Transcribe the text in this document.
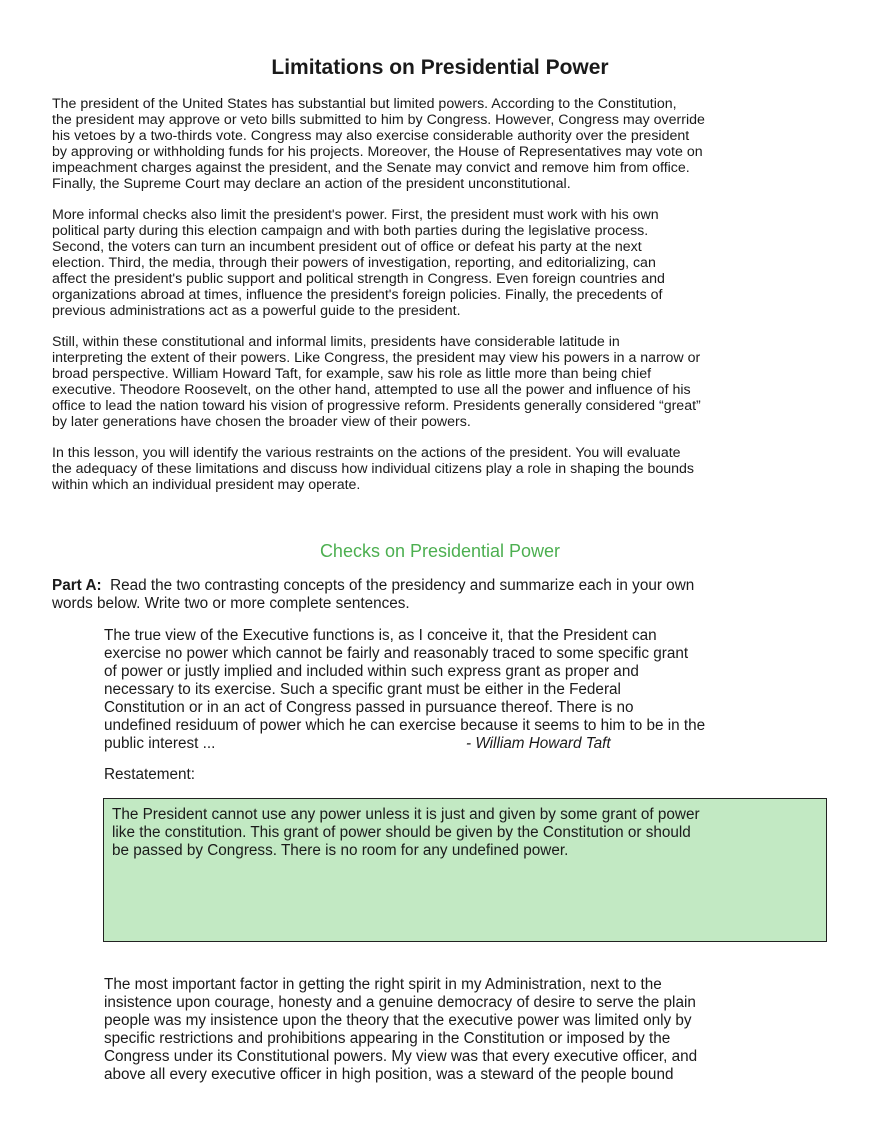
Limitations on Presidential Power
The president of the United States has substantial but limited powers. According to the Constitution,
the president may approve or veto bills submitted to him by Congress. However, Congress may override
his vetoes by a two-thirds vote. Congress may also exercise considerable authority over the president
by approving or withholding funds for his projects. Moreover, the House of Representatives may vote on
impeachment charges against the president, and the Senate may convict and remove him from office.
Finally, the Supreme Court may declare an action of the president unconstitutional.
More informal checks also limit the president's power. First, the president must work with his own
political party during this election campaign and with both parties during the legislative process.
Second, the voters can turn an incumbent president out of office or defeat his party at the next
election. Third, the media, through their powers of investigation, reporting, and editorializing, can
affect the president's public support and political strength in Congress. Even foreign countries and
organizations abroad at times, influence the president's foreign policies. Finally, the precedents of
previous administrations act as a powerful guide to the president.
Still, within these constitutional and informal limits, presidents have considerable latitude in
interpreting the extent of their powers. Like Congress, the president may view his powers in a narrow or
broad perspective. William Howard Taft, for example, saw his role as little more than being chief
executive. Theodore Roosevelt, on the other hand, attempted to use all the power and influence of his
office to lead the nation toward his vision of progressive reform. Presidents generally considered “great”
by later generations have chosen the broader view of their powers.
In this lesson, you will identify the various restraints on the actions of the president. You will evaluate
the adequacy of these limitations and discuss how individual citizens play a role in shaping the bounds
within which an individual president may operate.
Checks on Presidential Power
Part A: Read the two contrasting concepts of the presidency and summarize each in your own
words below. Write two or more complete sentences.
The true view of the Executive functions is, as I conceive it, that the President can
exercise no power which cannot be fairly and reasonably traced to some specific grant
of power or justly implied and included within such express grant as proper and
necessary to its exercise. Such a specific grant must be either in the Federal
Constitution or in an act of Congress passed in pursuance thereof. There is no
undefined residuum of power which he can exercise because it seems to him to be in the
public interest ...	- William Howard Taft
Restatement:
The President cannot use any power unless it is just and given by some grant of power
like the constitution. This grant of power should be given by the Constitution or should
be passed by Congress. There is no room for any undefined power.
The most important factor in getting the right spirit in my Administration, next to the
insistence upon courage, honesty and a genuine democracy of desire to serve the plain
people was my insistence upon the theory that the executive power was limited only by
specific restrictions and prohibitions appearing in the Constitution or imposed by the
Congress under its Constitutional powers. My view was that every executive officer, and
above all every executive officer in high position, was a steward of the people bound
